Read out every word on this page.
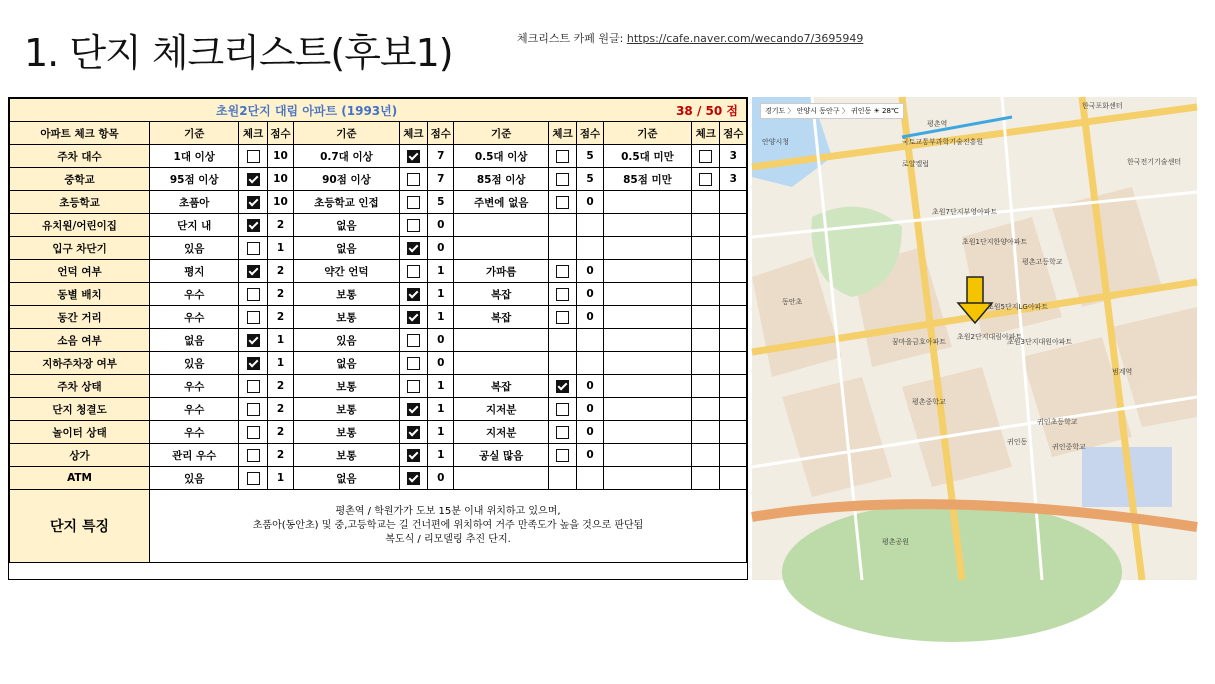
1. 단지 체크리스트(후보1)	체크리스트 카페 원글: https://cafe.naver.com/wecando7/3695949
초원2단지 대림 아파트 (1993년)										38 / 50 점		
아파트 체크 항목	기준	체크	점수	기준	체크	점수	기준	체크	점수	기준	체크	점수
주차 대수	1대 이상		10	0.7대 이상		7	0.5대 이상		5	0.5대 미만		3
중학교	95점 이상		10	90점 이상		7	85점 이상		5	85점 미만		3
초등학교	초품아		10	초등학교 인접		5	주변에 없음		0			
유치원/어린이집	단지 내		2	없음		0						
입구 차단기	있음		1	없음		0						
언덕 여부	평지		2	약간 언덕		1	가파름		0			
동별 배치	우수		2	보통		1	복잡		0			
동간 거리	우수		2	보통		1	복잡		0			
소음 여부	없음		1	있음		0						
지하주차장 여부	있음		1	없음		0						
주차 상태	우수		2	보통		1	복잡		0			
단지 청결도	우수		2	보통		1	지저분		0			
놀이터 상태	우수		2	보통		1	지저분		0			
상가	관리 우수		2	보통		1	공실 많음		0			
ATM	있음		1	없음		0						
단지 특징	평촌역 / 학원가가 도보 15분 이내 위치하고 있으며,
초품아(동안초) 및 중,고등학교는 길 건너편에 위치하여 거주 만족도가 높을 것으로 판단됨
복도식 / 리모델링 추진 단지.											
경기도 〉 안양시 동안구 〉 귀인동 ☀ 28℃
한국포화센터
안양시청	국토교통부과학기술진흥원
평촌역
로얄켈럽
초원7단지부영아파트
초원1단지한양아파트
초원2단지대림아파트
초원5단지LG아파트
초원3단지대원아파트
귀인초등학교
귀인중학교
평촌고등학교
꿈마을금호아파트
귀인동
평촌중학교
범계역
동안초
한국전기기술센터
평촌공원
